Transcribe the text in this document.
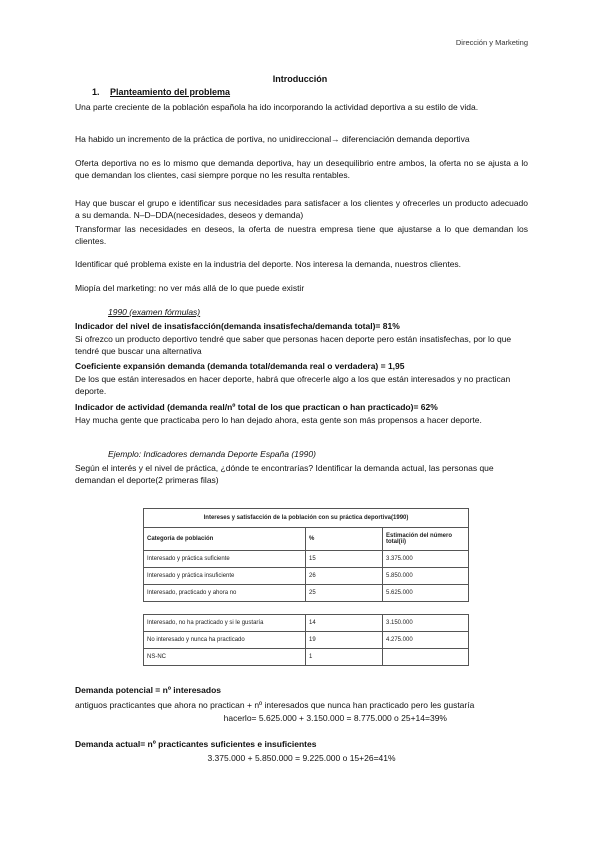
Dirección y Marketing
Introducción
1. Planteamiento del problema
Una parte creciente de la población española ha ido incorporando la actividad deportiva a su estilo de vida.
Ha habido un incremento de la práctica de portiva, no unidireccional→ diferenciación demanda deportiva
Oferta deportiva no es lo mismo que demanda deportiva, hay un desequilibrio entre ambos, la oferta no se ajusta a lo que demandan los clientes, casi siempre porque no les resulta rentables.
Hay que buscar el grupo e identificar sus necesidades para satisfacer a los clientes y ofrecerles un producto adecuado a su demanda. N–D–DDA(necesidades, deseos y demanda)
Transformar las necesidades en deseos, la oferta de nuestra empresa tiene que ajustarse a lo que demandan los clientes.
Identificar qué problema existe en la industria del deporte. Nos interesa la demanda, nuestros clientes.
Miopía del marketing: no ver más allá de lo que puede existir
1990 (examen fórmulas)
Indicador del nivel de insatisfacción(demanda insatisfecha/demanda total)= 81%
Si ofrezco un producto deportivo tendré que saber que personas hacen deporte pero están insatisfechas, por lo que tendré que buscar una alternativa
Coeficiente expansión demanda (demanda total/demanda real o verdadera) = 1,95
De los que están interesados en hacer deporte, habrá que ofrecerle algo a los que están interesados y no practican deporte.
Indicador de actividad (demanda real/nº total de los que practican o han practicado)= 62%
Hay mucha gente que practicaba pero lo han dejado ahora, esta gente son más propensos a hacer deporte.
Ejemplo: Indicadores demanda Deporte España (1990)
Según el interés y el nivel de práctica, ¿dónde te encontrarías? Identificar la demanda actual, las personas que demandan el deporte(2 primeras filas)
Intereses y satisfacción de la población con su práctica deportiva(1990)		
Categoría de población	%	Estimación del número total(ii)
Interesado y práctica suficiente	15	3.375.000
Interesado y práctica insuficiente	26	5.850.000
Interesado, practicado y ahora no	25	5.625.000
Interesado, no ha practicado y si le gustaría	14	3.150.000
No interesado y nunca ha practicado	19	4.275.000
NS-NC	1	
Demanda potencial = nº interesados
antiguos practicantes que ahora no practican + nº interesados que nunca han practicado pero les gustaría
hacerlo= 5.625.000 + 3.150.000 = 8.775.000 o 25+14=39%
Demanda actual= nº practicantes suficientes e insuficientes
3.375.000 + 5.850.000 = 9.225.000 o 15+26=41%
